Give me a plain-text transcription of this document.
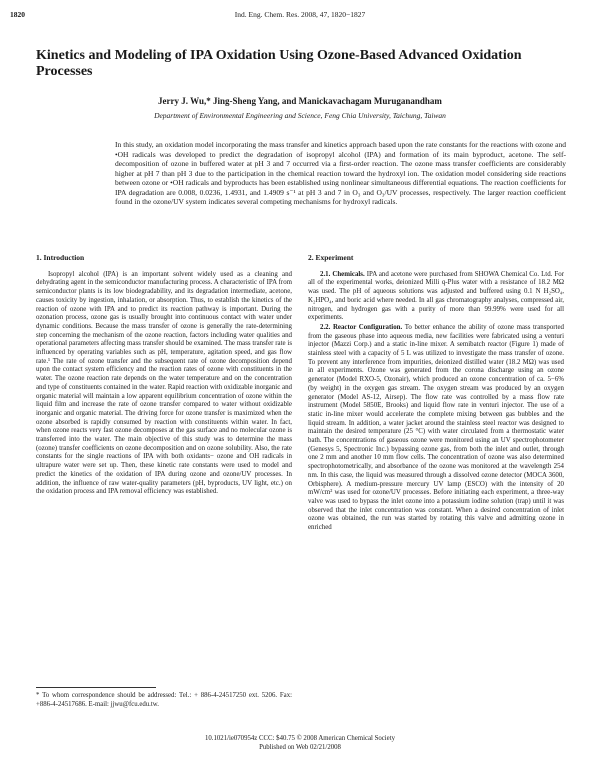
1820	Ind. Eng. Chem. Res. 2008, 47, 1820−1827
Kinetics and Modeling of IPA Oxidation Using Ozone-Based Advanced Oxidation Processes
Jerry J. Wu,* Jing-Sheng Yang, and Manickavachagam Muruganandham
Department of Environmental Engineering and Science, Feng Chia University, Taichung, Taiwan

In this study, an oxidation model incorporating the mass transfer and kinetics approach based upon the rate constants for the reactions with ozone and •OH radicals was developed to predict the degradation of isopropyl alcohol (IPA) and formation of its main byproduct, acetone. The self-decomposition of ozone in buffered water at pH 3 and 7 occurred via a first-order reaction. The ozone mass transfer coefficients are considerably higher at pH 7 than pH 3 due to the participation in the chemical reaction toward the hydroxyl ion. The oxidation model considering side reactions between ozone or •OH radicals and byproducts has been established using nonlinear simultaneous differential equations. The reaction coefficients for IPA degradation are 0.008, 0.0236, 1.4931, and 1.4909 s⁻¹ at pH 3 and 7 in O₃ and O₃/UV processes, respectively. The larger reaction coefficient found in the ozone/UV system indicates several competing mechanisms for hydroxyl radicals.

1. Introduction

Isopropyl alcohol (IPA) is an important solvent widely used as a cleaning and dehydrating agent in the semiconductor manufacturing process. A characteristic of IPA from semiconductor plants is its low biodegradability, and its degradation intermediate, acetone, causes toxicity by ingestion, inhalation, or absorption. Thus, to establish the kinetics of the reaction of ozone with IPA and to predict its reaction pathway is important. During the ozonation process, ozone gas is usually brought into continuous contact with water under dynamic conditions. Because the mass transfer of ozone is generally the rate-determining step concerning the mechanism of the ozone reaction, factors including water qualities and operational parameters affecting mass transfer should be examined. The mass transfer rate is influenced by operating variables such as pH, temperature, agitation speed, and gas flow rate.¹ The rate of ozone transfer and the subsequent rate of ozone decomposition depend upon the contact system efficiency and the reaction rates of ozone with constituents in the water. The ozone reaction rate depends on the water temperature and on the concentration and type of constituents contained in the water. Rapid reaction with oxidizable inorganic and organic material will maintain a low apparent equilibrium concentration of ozone within the liquid film and increase the rate of ozone transfer compared to water without oxidizable inorganic and organic material. The driving force for ozone transfer is maximized when the ozone absorbed is rapidly consumed by reaction with constituents within water. In fact, when ozone reacts very fast ozone decomposes at the gas surface and no molecular ozone is transferred into the water. The main objective of this study was to determine the mass (ozone) transfer coefficients on ozone decomposition and on ozone solubility. Also, the rate constants for the single reactions of IPA with both oxidants− ozone and OH radicals in ultrapure water were set up. Then, these kinetic rate constants were used to model and predict the kinetics of the oxidation of IPA during ozone and ozone/UV processes. In addition, the influence of raw water-quality parameters (pH, byproducts, UV light, etc.) on the oxidation process and IPA removal efficiency was established.

2. Experiment

2.1. Chemicals. IPA and acetone were purchased from SHOWA Chemical Co. Ltd. For all of the experimental works, deionized Milli q-Plus water with a resistance of 18.2 MΩ was used. The pH of aqueous solutions was adjusted and buffered using 0.1 N H₂SO₄, K₂HPO₄, and boric acid where needed. In all gas chromatography analyses, compressed air, nitrogen, and hydrogen gas with a purity of more than 99.99% were used for all experiments.

2.2. Reactor Configuration. To better enhance the ability of ozone mass transported from the gaseous phase into aqueous media, new facilities were fabricated using a venturi injector (Mazzi Corp.) and a static in-line mixer. A semibatch reactor (Figure 1) made of stainless steel with a capacity of 5 L was utilized to investigate the mass transfer of ozone. To prevent any interference from impurities, deionized distilled water (18.2 MΩ) was used in all experiments. Ozone was generated from the corona discharge using an ozone generator (Model RXO-5, Ozonair), which produced an ozone concentration of ca. 5−6% (by weight) in the oxygen gas stream. The oxygen stream was produced by an oxygen generator (Model AS-12, Airsep). The flow rate was controlled by a mass flow rate instrument (Model 5850E, Brooks) and liquid flow rate in venturi injector. The use of a static in-line mixer would accelerate the complete mixing between gas bubbles and the liquid stream. In addition, a water jacket around the stainless steel reactor was designed to maintain the desired temperature (25 °C) with water circulated from a thermostatic water bath. The concentrations of gaseous ozone were monitored using an UV spectrophotometer (Genesys 5, Spectronic Inc.) bypassing ozone gas, from both the inlet and outlet, through one 2 mm and another 10 mm flow cells. The concentration of ozone was also determined spectrophotometrically, and absorbance of the ozone was monitored at the wavelength 254 nm. In this case, the liquid was measured through a dissolved ozone detector (MOCA 3600, Orbisphere). A medium-pressure mercury UV lamp (ESCO) with the intensity of 20 mW/cm² was used for ozone/UV processes. Before initiating each experiment, a three-way valve was used to bypass the inlet ozone into a potassium iodine solution (trap) until it was observed that the inlet concentration was constant. When a desired concentration of inlet ozone was obtained, the run was started by rotating this valve and admitting ozone in enriched

* To whom correspondence should be addressed: Tel.: + 886-4-24517250 ext. 5206. Fax: +886-4-24517686. E-mail: jjwu@fcu.edu.tw.

10.1021/ie070954z CCC: $40.75 © 2008 American Chemical Society
Published on Web 02/21/2008
